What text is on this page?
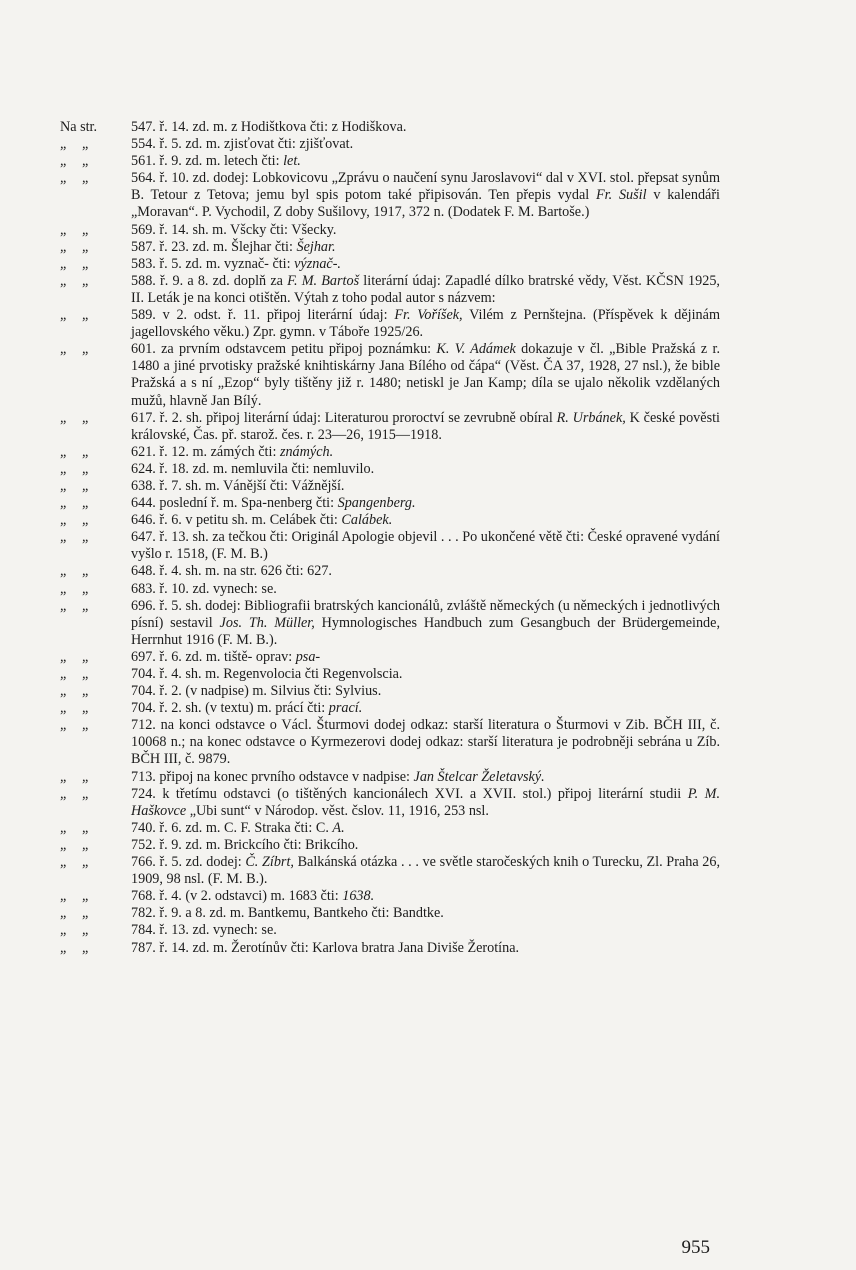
Na str.	547. ř. 14. zd. m. z Hodištkova čti: z Hodiškova.
„ „	554. ř. 5. zd. m. zjisťovat čti: zjišťovat.
„ „	561. ř. 9. zd. m. letech čti: let.
„ „	564. ř. 10. zd. dodej: Lobkovicovu „Zprávu o naučení synu Jaroslavovi“ dal v XVI. stol. přepsat synům B. Tetour z Tetova; jemu byl spis potom také připisován. Ten přepis vydal Fr. Sušil v kalendáři „Moravan“. P. Vychodil, Z doby Sušilovy, 1917, 372 n. (Dodatek F. M. Bartoše.)
„ „	569. ř. 14. sh. m. Všcky čti: Všecky.
„ „	587. ř. 23. zd. m. Šlejhar čti: Šejhar.
„ „	583. ř. 5. zd. m. vyznač- čti: význač-.
„ „	588. ř. 9. a 8. zd. doplň za F. M. Bartoš literární údaj: Zapadlé dílko bratrské vědy, Věst. KČSN 1925, II. Leták je na konci otištěn. Výtah z toho podal autor s názvem:
„ „	589. v 2. odst. ř. 11. připoj literární údaj: Fr. Voříšek, Vilém z Pernštejna. (Příspěvek k dějinám jagellovského věku.) Zpr. gymn. v Táboře 1925/26.
„ „	601. za prvním odstavcem petitu připoj poznámku: K. V. Adámek dokazuje v čl. „Bible Pražská z r. 1480 a jiné prvotisky pražské knihtiskárny Jana Bílého od čápa“ (Věst. ČA 37, 1928, 27 nsl.), že bible Pražská a s ní „Ezop“ byly tištěny již r. 1480; netiskl je Jan Kamp; díla se ujalo několik vzdělaných mužů, hlavně Jan Bílý.
„ „	617. ř. 2. sh. připoj literární údaj: Literaturou proroctví se zevrubně obíral R. Urbánek, K české pověsti královské, Čas. př. starož. čes. r. 23—26, 1915—1918.
„ „	621. ř. 12. m. zámých čti: známých.
„ „	624. ř. 18. zd. m. nemluvila čti: nemluvilo.
„ „	638. ř. 7. sh. m. Vánější čti: Vážnější.
„ „	644. poslední ř. m. Spa-nenberg čti: Spangenberg.
„ „	646. ř. 6. v petitu sh. m. Celábek čti: Calábek.
„ „	647. ř. 13. sh. za tečkou čti: Originál Apologie objevil . . . Po ukončené větě čti: České opravené vydání vyšlo r. 1518, (F. M. B.)
„ „	648. ř. 4. sh. m. na str. 626 čti: 627.
„ „	683. ř. 10. zd. vynech: se.
„ „	696. ř. 5. sh. dodej: Bibliografii bratrských kancionálů, zvláště německých (u německých i jednotlivých písní) sestavil Jos. Th. Müller, Hymnologisches Handbuch zum Gesangbuch der Brüdergemeinde, Herrnhut 1916 (F. M. B.).
„ „	697. ř. 6. zd. m. tiště- oprav: psa-
„ „	704. ř. 4. sh. m. Regenvolocia čti Regenvolscia.
„ „	704. ř. 2. (v nadpise) m. Silvius čti: Sylvius.
„ „	704. ř. 2. sh. (v textu) m. prácí čti: prací.
„ „	712. na konci odstavce o Václ. Šturmovi dodej odkaz: starší literatura o Šturmovi v Zib. BČH III, č. 10068 n.; na konec odstavce o Kyrmezerovi dodej odkaz: starší literatura je podrobněji sebrána u Zíb. BČH III, č. 9879.
„ „	713. připoj na konec prvního odstavce v nadpise: Jan Štelcar Želetavský.
„ „	724. k třetímu odstavci (o tištěných kancionálech XVI. a XVII. stol.) připoj literární studii P. M. Haškovce „Ubi sunt“ v Národop. věst. čslov. 11, 1916, 253 nsl.
„ „	740. ř. 6. zd. m. C. F. Straka čti: C. A.
„ „	752. ř. 9. zd. m. Brickcího čti: Brikcího.
„ „	766. ř. 5. zd. dodej: Č. Zíbrt, Balkánská otázka . . . ve světle staročeských knih o Turecku, Zl. Praha 26, 1909, 98 nsl. (F. M. B.).
„ „	768. ř. 4. (v 2. odstavci) m. 1683 čti: 1638.
„ „	782. ř. 9. a 8. zd. m. Bantkemu, Bantkeho čti: Bandtke.
„ „	784. ř. 13. zd. vynech: se.
„ „	787. ř. 14. zd. m. Žerotínův čti: Karlova bratra Jana Diviše Žerotína.
955
